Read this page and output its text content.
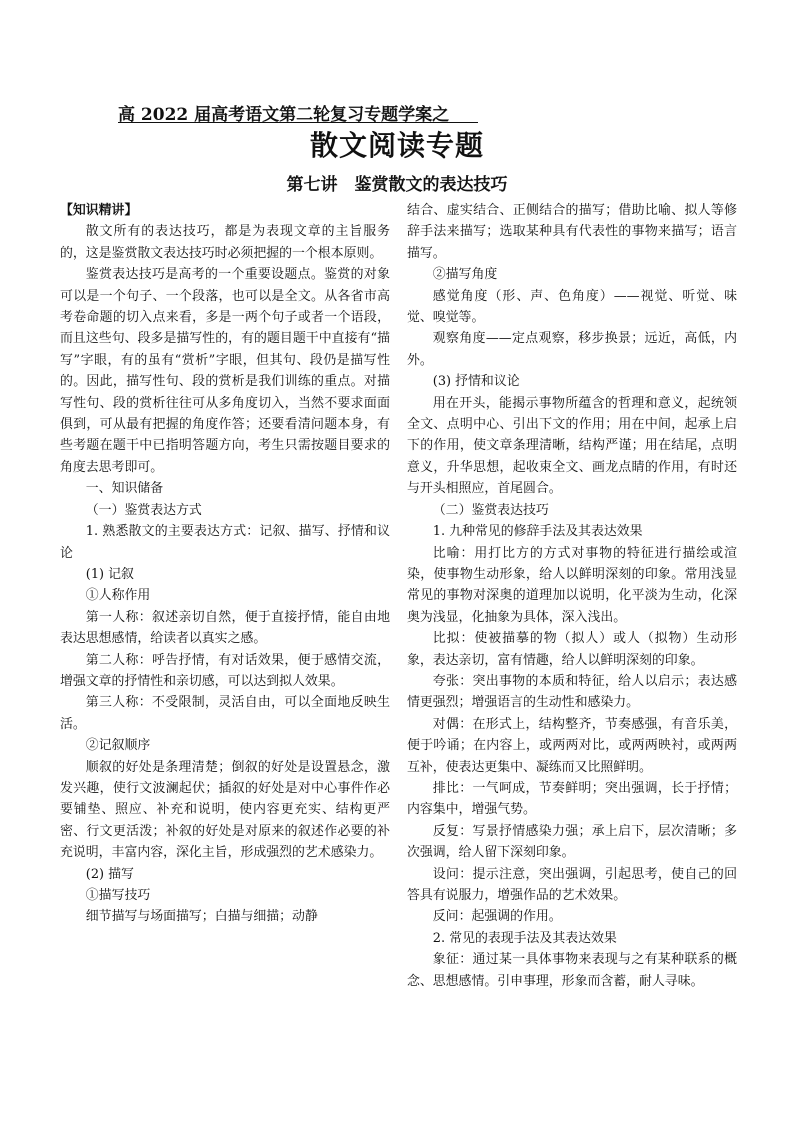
高 2022 届高考语文第二轮复习专题学案之
散文阅读专题
第七讲　鉴赏散文的表达技巧

【知识精讲】

散文所有的表达技巧，都是为表现文章的主旨服务的，这是鉴赏散文表达技巧时必须把握的一个根本原则。

鉴赏表达技巧是高考的一个重要设题点。鉴赏的对象可以是一个句子、一个段落，也可以是全文。从各省市高考卷命题的切入点来看，多是一两个句子或者一个语段，而且这些句、段多是描写性的，有的题目题干中直接有“描写”字眼，有的虽有“赏析”字眼，但其句、段仍是描写性的。因此，描写性句、段的赏析是我们训练的重点。对描写性句、段的赏析往往可从多角度切入，当然不要求面面俱到，可从最有把握的角度作答；还要看清问题本身，有些考题在题干中已指明答题方向，考生只需按题目要求的角度去思考即可。

一、知识储备

（一）鉴赏表达方式

1. 熟悉散文的主要表达方式：记叙、描写、抒情和议论

(1) 记叙

①人称作用

第一人称：叙述亲切自然，便于直接抒情，能自由地表达思想感情，给读者以真实之感。

第二人称：呼告抒情，有对话效果，便于感情交流，增强文章的抒情性和亲切感，可以达到拟人效果。

第三人称：不受限制，灵活自由，可以全面地反映生活。

②记叙顺序

顺叙的好处是条理清楚；倒叙的好处是设置悬念，激发兴趣，使行文波澜起伏；插叙的好处是对中心事件作必要铺垫、照应、补充和说明，使内容更充实、结构更严密、行文更活泼；补叙的好处是对原来的叙述作必要的补充说明，丰富内容，深化主旨，形成强烈的艺术感染力。

(2) 描写

①描写技巧

细节描写与场面描写；白描与细描；动静

结合、虚实结合、正侧结合的描写；借助比喻、拟人等修辞手法来描写；选取某种具有代表性的事物来描写；语言描写。

②描写角度

感觉角度（形、声、色角度）——视觉、听觉、味觉、嗅觉等。

观察角度——定点观察，移步换景；远近，高低，内外。

(3) 抒情和议论

用在开头，能揭示事物所蕴含的哲理和意义，起统领全文、点明中心、引出下文的作用；用在中间，起承上启下的作用，使文章条理清晰，结构严谨；用在结尾，点明意义，升华思想，起收束全文、画龙点睛的作用，有时还与开头相照应，首尾圆合。

（二）鉴赏表达技巧

1. 九种常见的修辞手法及其表达效果

比喻：用打比方的方式对事物的特征进行描绘或渲染，使事物生动形象，给人以鲜明深刻的印象。常用浅显常见的事物对深奥的道理加以说明，化平淡为生动，化深奥为浅显，化抽象为具体，深入浅出。

比拟：使被描摹的物（拟人）或人（拟物）生动形象，表达亲切，富有情趣，给人以鲜明深刻的印象。

夸张：突出事物的本质和特征，给人以启示；表达感情更强烈；增强语言的生动性和感染力。

对偶：在形式上，结构整齐，节奏感强，有音乐美，便于吟诵；在内容上，或两两对比，或两两映衬，或两两互补，使表达更集中、凝练而又比照鲜明。

排比：一气呵成，节奏鲜明；突出强调，长于抒情；内容集中，增强气势。

反复：写景抒情感染力强；承上启下，层次清晰；多次强调，给人留下深刻印象。

设问：提示注意，突出强调，引起思考，使自己的回答具有说服力，增强作品的艺术效果。

反问：起强调的作用。

2. 常见的表现手法及其表达效果

象征：通过某一具体事物来表现与之有某种联系的概念、思想感情。引申事理，形象而含蓄，耐人寻味。
